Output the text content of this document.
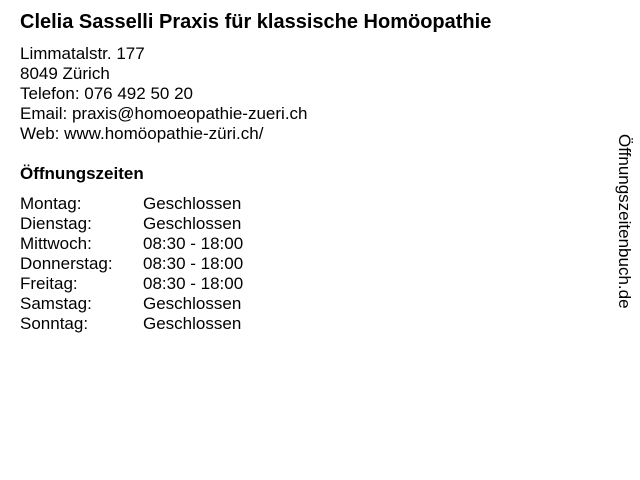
Clelia Sasselli Praxis für klassische Homöopathie
Limmatalstr. 177
8049 Zürich
Telefon: 076 492 50 20
Email: praxis@homoeopathie-zueri.ch
Web: www.homöopathie-züri.ch/
Öffnungszeiten
Montag:	Geschlossen
Dienstag:	Geschlossen
Mittwoch:	08:30 - 18:00
Donnerstag:	08:30 - 18:00
Freitag:	08:30 - 18:00
Samstag:	Geschlossen
Sonntag:	Geschlossen
Öffnungszeitenbuch.de
